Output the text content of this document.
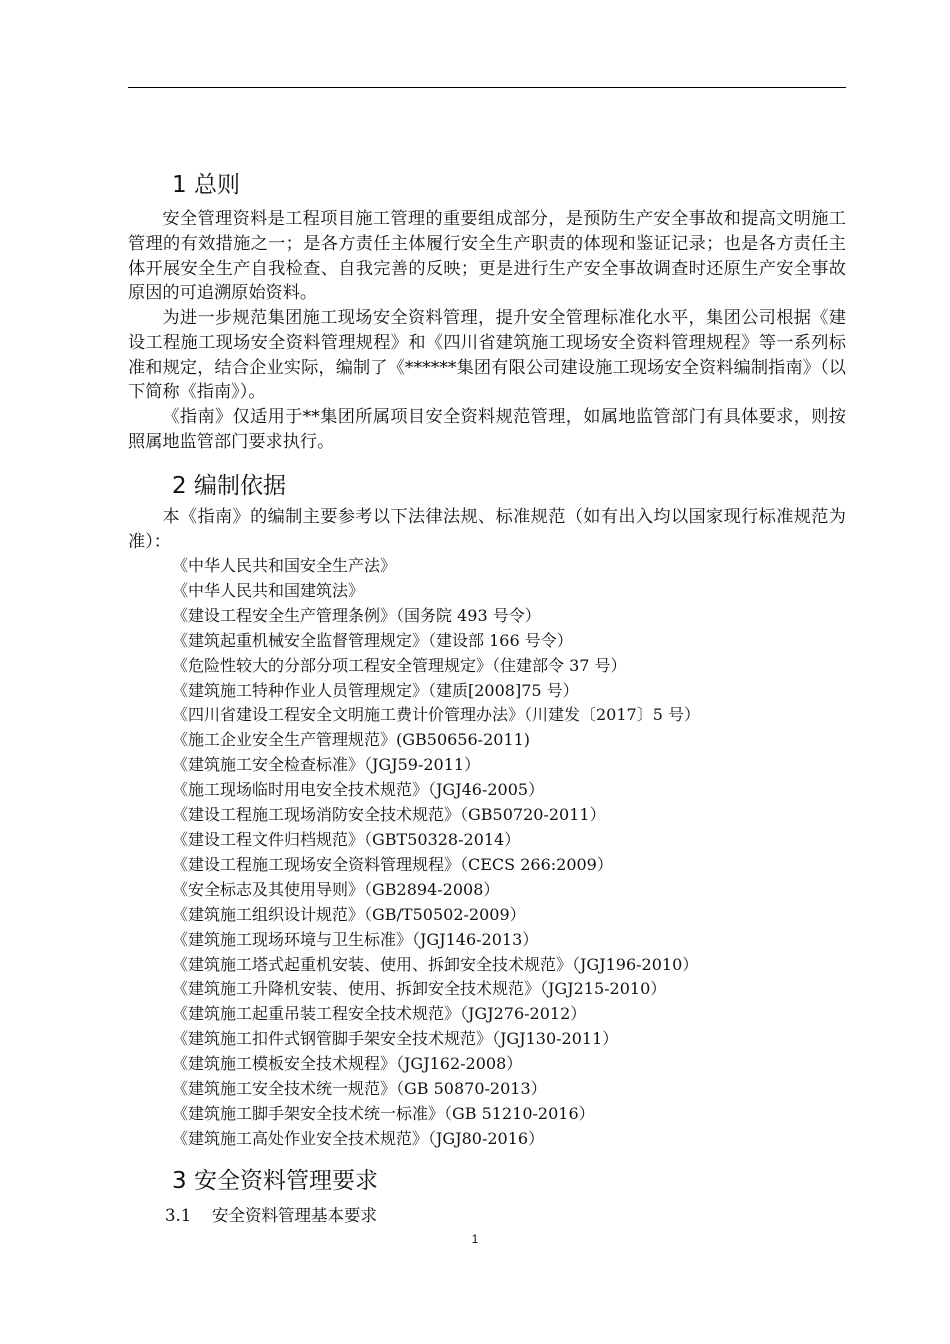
1 总则

安全管理资料是工程项目施工管理的重要组成部分，是预防生产安全事故和提高文明施工管理的有效措施之一；是各方责任主体履行安全生产职责的体现和鉴证记录；也是各方责任主体开展安全生产自我检查、自我完善的反映；更是进行生产安全事故调查时还原生产安全事故原因的可追溯原始资料。

为进一步规范集团施工现场安全资料管理，提升安全管理标准化水平，集团公司根据《建设工程施工现场安全资料管理规程》和《四川省建筑施工现场安全资料管理规程》等一系列标准和规定，结合企业实际，编制了《******集团有限公司建设施工现场安全资料编制指南》（以下简称《指南》）。

《指南》仅适用于**集团所属项目安全资料规范管理，如属地监管部门有具体要求，则按照属地监管部门要求执行。

2 编制依据

本《指南》的编制主要参考以下法律法规、标准规范（如有出入均以国家现行标准规范为准）：

《中华人民共和国安全生产法》
《中华人民共和国建筑法》
《建设工程安全生产管理条例》（国务院 493 号令）
《建筑起重机械安全监督管理规定》（建设部 166 号令）
《危险性较大的分部分项工程安全管理规定》（住建部令 37 号）
《建筑施工特种作业人员管理规定》（建质[2008]75 号）
《四川省建设工程安全文明施工费计价管理办法》（川建发〔2017〕5 号）
《施工企业安全生产管理规范》(GB50656-2011)
《建筑施工安全检查标准》（JGJ59-2011）
《施工现场临时用电安全技术规范》（JGJ46-2005）
《建设工程施工现场消防安全技术规范》（GB50720-2011）
《建设工程文件归档规范》（GBT50328-2014）
《建设工程施工现场安全资料管理规程》（CECS 266:2009）
《安全标志及其使用导则》（GB2894-2008）
《建筑施工组织设计规范》（GB/T50502-2009）
《建筑施工现场环境与卫生标准》（JGJ146-2013）
《建筑施工塔式起重机安装、使用、拆卸安全技术规范》（JGJ196-2010）
《建筑施工升降机安装、使用、拆卸安全技术规范》（JGJ215-2010）
《建筑施工起重吊装工程安全技术规范》（JGJ276-2012）
《建筑施工扣件式钢管脚手架安全技术规范》（JGJ130-2011）
《建筑施工模板安全技术规程》（JGJ162-2008）
《建筑施工安全技术统一规范》（GB 50870-2013）
《建筑施工脚手架安全技术统一标准》（GB 51210-2016）
《建筑施工高处作业安全技术规范》（JGJ80-2016）
3 安全资料管理要求
3.1 安全资料管理基本要求
1
